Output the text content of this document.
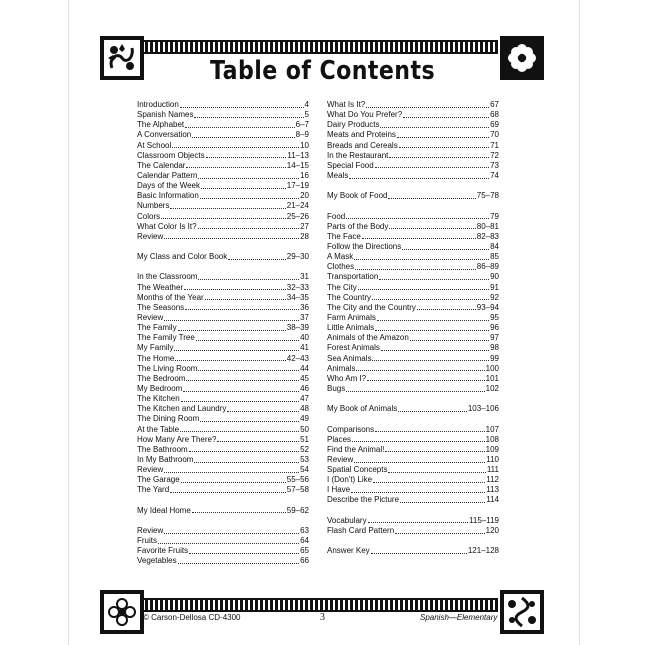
Table of Contents
Introduction	4
Spanish Names	5
The Alphabet	6–7
A Conversation	8–9
At School	10
Classroom Objects	11–13
The Calendar	14–15
Calendar Pattern	16
Days of the Week	17–19
Basic Information	20
Numbers	21–24
Colors	25–26
What Color Is It?	27
Review	28
My Class and Color Book	29–30
In the Classroom	31
The Weather	32–33
Months of the Year	34–35
The Seasons	36
Review	37
The Family	38–39
The Family Tree	40
My Family	41
The Home	42–43
The Living Room	44
The Bedroom	45
My Bedroom	46
The Kitchen	47
The Kitchen and Laundry	48
The Dining Room	49
At the Table	50
How Many Are There?	51
The Bathroom	52
In My Bathroom	53
Review	54
The Garage	55–56
The Yard	57–58
My Ideal Home	59–62
Review	63
Fruits	64
Favorite Fruits	65
Vegetables	66
What Is It?	67
What Do You Prefer?	68
Dairy Products	69
Meats and Proteins	70
Breads and Cereals	71
In the Restaurant	72
Special Food	73
Meals	74
My Book of Food	75–78
Food	79
Parts of the Body	80–81
The Face	82–83
Follow the Directions	84
A Mask	85
Clothes	86–89
Transportation	90
The City	91
The Country	92
The City and the Country	93–94
Farm Animals	95
Little Animals	96
Animals of the Amazon	97
Forest Animals	98
Sea Animals	99
Animals	100
Who Am I?	101
Bugs	102
My Book of Animals	103–106
Comparisons	107
Places	108
Find the Animal!	109
Review	110
Spatial Concepts	111
I (Don't) Like	112
I Have	113
Describe the Picture	114
Vocabulary	115–119
Flash Card Pattern	120
Answer Key	121–128
© Carson-Dellosa CD-4300	3	Spanish—Elementary
